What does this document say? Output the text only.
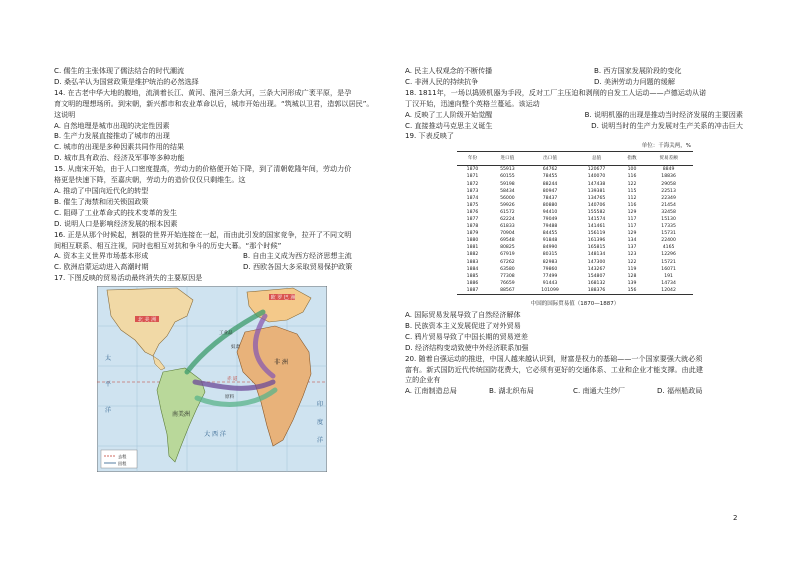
C. 儒生的主张体现了儒法结合的时代潮流
D. 桑弘羊认为国营政策是维护统治的必然选择
14. 在古老中华大地的腹地，流淌着长江、黄河、淮河三条大河，三条大河形成广袤平原，是孕
育文明的理想场所。到宋朝，新兴都市和农业革命以后，城市开始出现。“筑城以卫君，造郭以居民”。
这说明
A. 自然地理是城市出现的决定性因素
B. 生产力发展直接推动了城市的出现
C. 城市的出现是多种因素共同作用的结果
D. 城市具有政治、经济及军事等多种功能
15. 从南宋开始，由于人口密度提高，劳动力的价格便开始下降，到了清朝乾隆年间，劳动力价
格更是快速下降，至嘉庆朝，劳动力的造价仅仅只剩维生。这
A. 推动了中国向近代化的转型
B. 催生了海禁和闭关锁国政策
C. 阻碍了工业革命式的技术变革的发生
D. 说明人口是影响经济发展的根本因素
16. 正是从那个时候起，割裂的世界开始连接在一起，而由此引发的国家竞争，拉开了不同文明
间相互联系、相互注视，同时也相互对抗和争斗的历史大幕。“那个时候”
A. 资本主义世界市场基本形成	B. 自由主义成为西方经济思想主流
C. 欧洲启蒙运动进入高潮时期	D. 西欧各国大多采取贸易保护政策
17. 下图反映的贸易活动最终消失的主要原因是
欧 罗 巴 洲
北 美 洲
南美洲
非 洲
大 西 洋
太
平
洋
印
度
洋
赤 道
奴隶
工业品
原料
去程
回程
A. 民主人权观念的不断传播	B. 西方国家发展阶段的变化
C. 非洲人民的持续抗争	D. 美洲劳动力问题的缓解
18. 1811年，一场以捣毁机器为手段，反对工厂主压迫和剥削的自发工人运动——卢德运动从诺
丁汉开始，迅速向整个英格兰蔓延。该运动
A. 反映了工人阶级开始觉醒	B. 说明机器的出现是推动当时经济发展的主要因素
C. 直接推动马克思主义诞生	D. 说明当时的生产力发展对生产关系的冲击巨大
19. 下表反映了
单位：千海关两，%
年份	进口值	出口值	总值	指数	贸易差额
1870	55913	64762	120677	100	8849
1871	60155	78455	140070	116	18836
1872	59198	88244	147438	122	29058
1873	58434	80947	139381	115	22513
1874	56000	78437	134765	112	22349
1875	59926	80880	140706	116	21454
1876	61572	94410	155582	129	32458
1877	62224	79049	141574	117	15130
1878	61833	79488	141461	117	17335
1879	70904	84455	156119	129	15731
1880	69548	91848	161396	134	22400
1881	80825	84990	165815	137	4165
1882	67919	80315	148134	123	12296
1883	67262	82983	147300	122	15721
1884	63580	79860	143267	119	16071
1885	77308	77499	154807	128	191
1886	76659	91443	168132	139	14734
1887	88567	101099	188376	156	12042
中国的国际贸易值（1870—1887）
A. 国际贸易发展导致了自然经济解体
B. 民族资本主义发展促进了对外贸易
C. 鸦片贸易导致了中国长期的贸易逆差
D. 经济结构变动致使中外经济联系加强
20. 随着自强运动的推进，中国人越来越认识到，财富是权力的基础——一个国家要强大就必须
富有。新式国防近代传统国防花费大，它必须有更好的交通体系、工业和企业才能支撑。由此建
立的企业有
A. 江南制造总局	B. 湖北织布局	C. 南通大生纱厂	D. 福州船政局
2
